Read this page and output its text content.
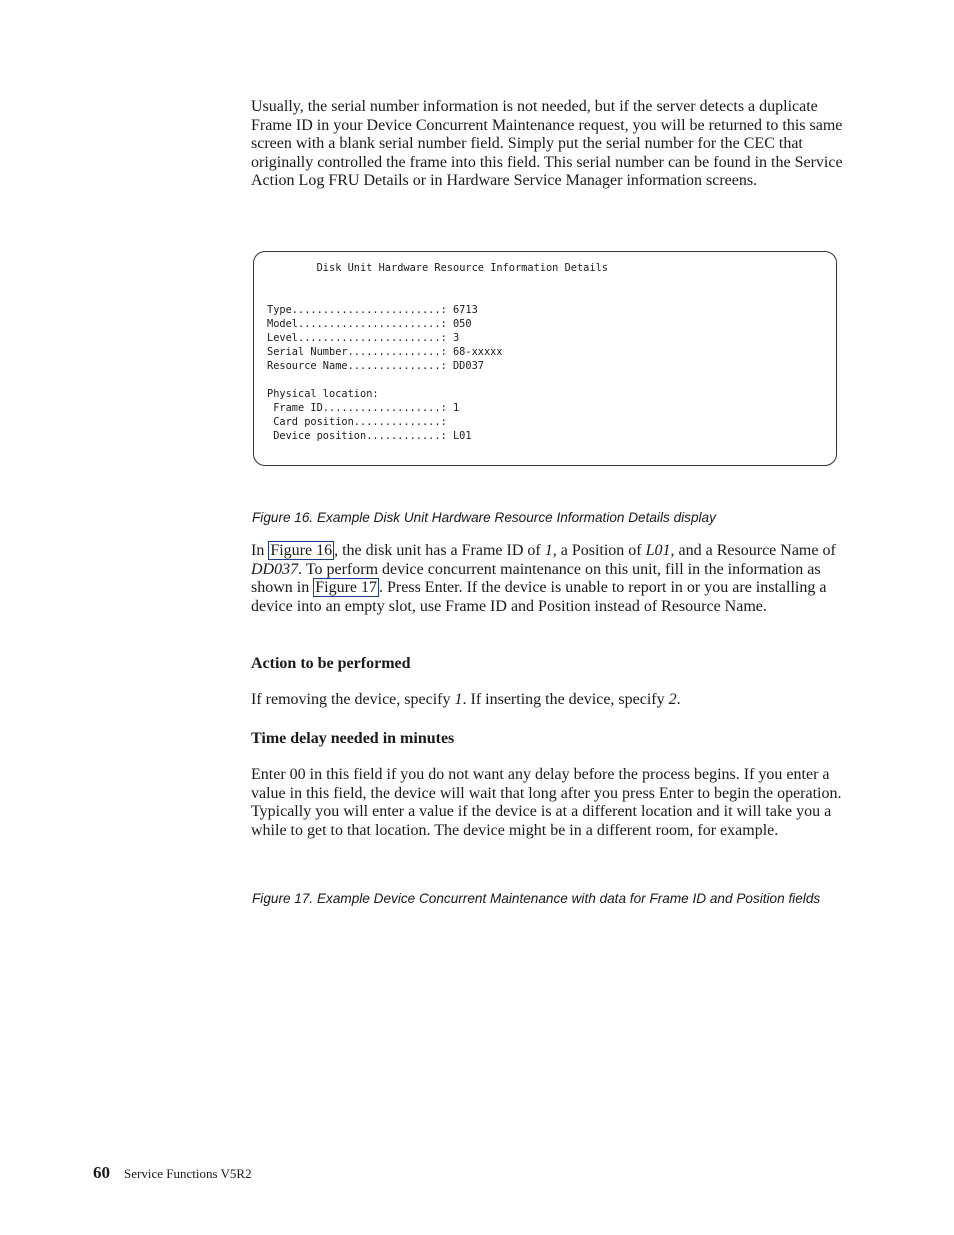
Usually, the serial number information is not needed, but if the server detects a duplicate Frame ID in your Device Concurrent Maintenance request, you will be returned to this same screen with a blank serial number field. Simply put the serial number for the CEC that originally controlled the frame into this field. This serial number can be found in the Service Action Log FRU Details or in Hardware Service Manager information screens.

Disk Unit Hardware Resource Information Details
Type........................: 6713
Model.......................: 050
Level.......................: 3
Serial Number...............: 68-xxxxx
Resource Name...............: DD037
Physical location:
Frame ID...................: 1
Card position..............:
Device position............: L01

Figure 16. Example Disk Unit Hardware Resource Information Details display

In Figure 16 , the disk unit has a Frame ID of 1, a Position of L01, and a Resource Name of DD037. To perform device concurrent maintenance on this unit, fill in the information as shown in Figure 17 . Press Enter. If the device is unable to report in or you are installing a device into an empty slot, use Frame ID and Position instead of Resource Name.

Action to be performed

If removing the device, specify 1. If inserting the device, specify 2.

Time delay needed in minutes

Enter 00 in this field if you do not want any delay before the process begins. If you enter a value in this field, the device will wait that long after you press Enter to begin the operation. Typically you will enter a value if the device is at a different location and it will take you a while to get to that location. The device might be in a different room, for example.

Figure 17. Example Device Concurrent Maintenance with data for Frame ID and Position fields

60 Service Functions V5R2
